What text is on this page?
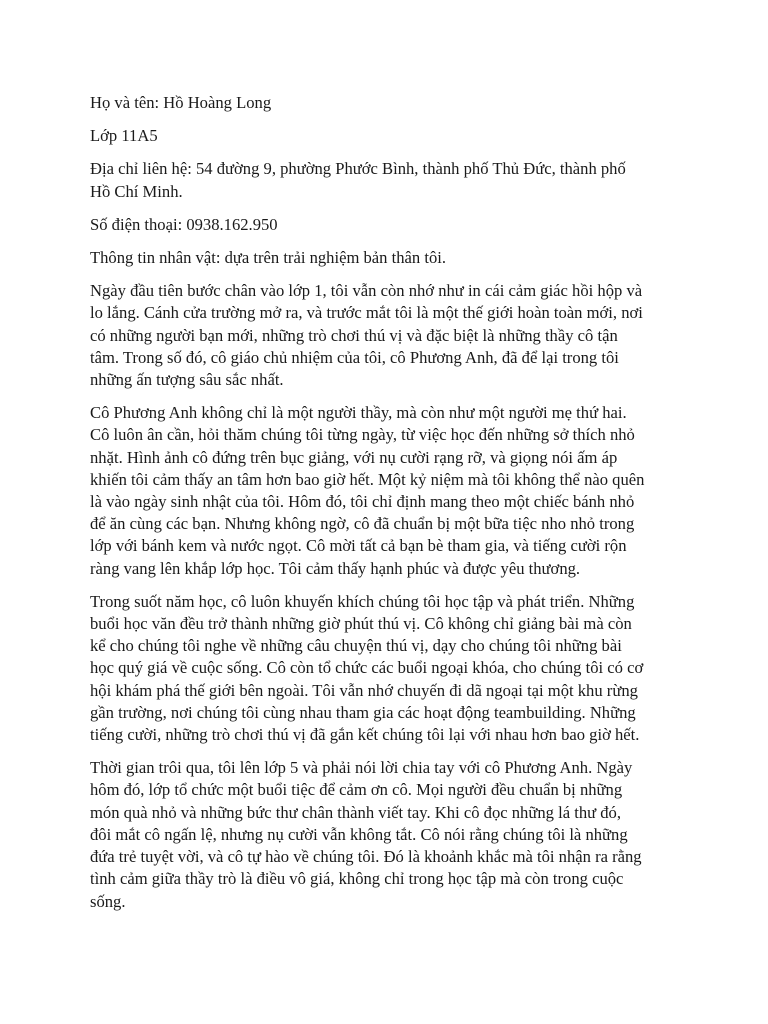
Họ và tên: Hồ Hoàng Long

Lớp 11A5

Địa chỉ liên hệ: 54 đường 9, phường Phước Bình, thành phố Thủ Đức, thành phố
Hồ Chí Minh.

Số điện thoại: 0938.162.950

Thông tin nhân vật: dựa trên trải nghiệm bản thân tôi.

Ngày đầu tiên bước chân vào lớp 1, tôi vẫn còn nhớ như in cái cảm giác hồi hộp và
lo lắng. Cánh cửa trường mở ra, và trước mắt tôi là một thế giới hoàn toàn mới, nơi
có những người bạn mới, những trò chơi thú vị và đặc biệt là những thầy cô tận
tâm. Trong số đó, cô giáo chủ nhiệm của tôi, cô Phương Anh, đã để lại trong tôi
những ấn tượng sâu sắc nhất.

Cô Phương Anh không chỉ là một người thầy, mà còn như một người mẹ thứ hai.
Cô luôn ân cần, hỏi thăm chúng tôi từng ngày, từ việc học đến những sở thích nhỏ
nhặt. Hình ảnh cô đứng trên bục giảng, với nụ cười rạng rỡ, và giọng nói ấm áp
khiến tôi cảm thấy an tâm hơn bao giờ hết. Một kỷ niệm mà tôi không thể nào quên
là vào ngày sinh nhật của tôi. Hôm đó, tôi chỉ định mang theo một chiếc bánh nhỏ
để ăn cùng các bạn. Nhưng không ngờ, cô đã chuẩn bị một bữa tiệc nho nhỏ trong
lớp với bánh kem và nước ngọt. Cô mời tất cả bạn bè tham gia, và tiếng cười rộn
ràng vang lên khắp lớp học. Tôi cảm thấy hạnh phúc và được yêu thương.

Trong suốt năm học, cô luôn khuyến khích chúng tôi học tập và phát triển. Những
buổi học văn đều trở thành những giờ phút thú vị. Cô không chỉ giảng bài mà còn
kể cho chúng tôi nghe về những câu chuyện thú vị, dạy cho chúng tôi những bài
học quý giá về cuộc sống. Cô còn tổ chức các buổi ngoại khóa, cho chúng tôi có cơ
hội khám phá thế giới bên ngoài. Tôi vẫn nhớ chuyến đi dã ngoại tại một khu rừng
gần trường, nơi chúng tôi cùng nhau tham gia các hoạt động teambuilding. Những
tiếng cười, những trò chơi thú vị đã gắn kết chúng tôi lại với nhau hơn bao giờ hết.

Thời gian trôi qua, tôi lên lớp 5 và phải nói lời chia tay với cô Phương Anh. Ngày
hôm đó, lớp tổ chức một buổi tiệc để cảm ơn cô. Mọi người đều chuẩn bị những
món quà nhỏ và những bức thư chân thành viết tay. Khi cô đọc những lá thư đó,
đôi mắt cô ngấn lệ, nhưng nụ cười vẫn không tắt. Cô nói rằng chúng tôi là những
đứa trẻ tuyệt vời, và cô tự hào về chúng tôi. Đó là khoảnh khắc mà tôi nhận ra rằng
tình cảm giữa thầy trò là điều vô giá, không chỉ trong học tập mà còn trong cuộc
sống.
